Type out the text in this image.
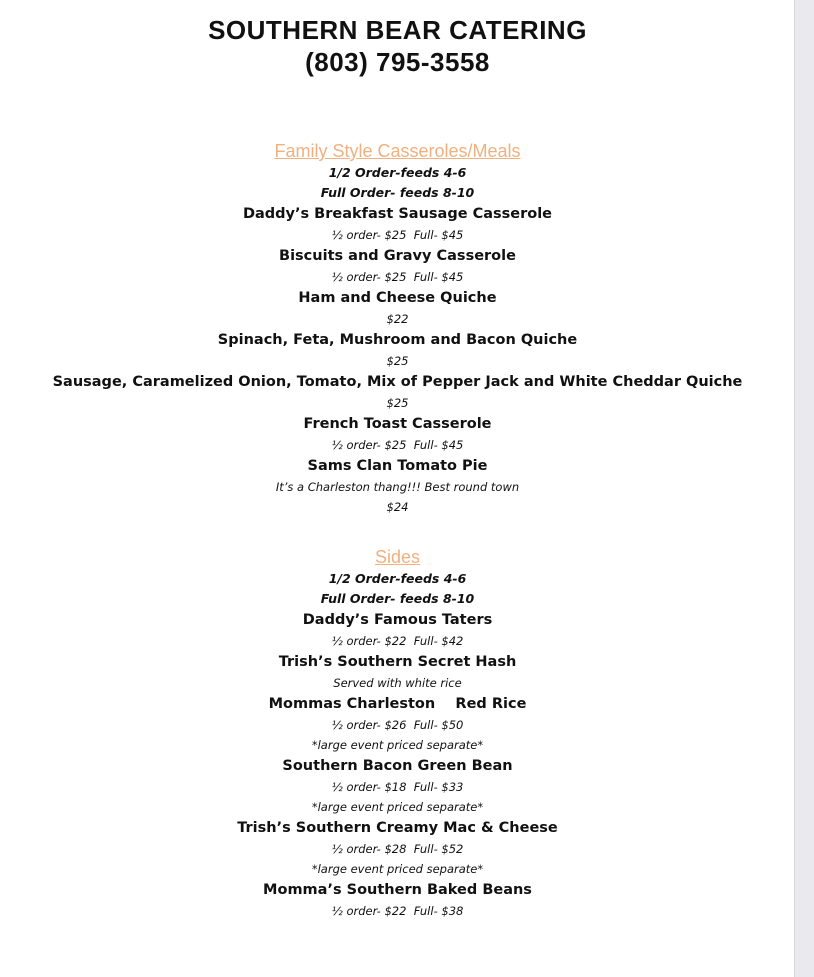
SOUTHERN BEAR CATERING
(803) 795-3558
Family Style Casseroles/Meals
1/2 Order-feeds 4-6
Full Order- feeds 8-10
Daddy’s Breakfast Sausage Casserole
½ order- $25  Full- $45
Biscuits and Gravy Casserole
½ order- $25  Full- $45
Ham and Cheese Quiche
$22
Spinach, Feta, Mushroom and Bacon Quiche
$25
Sausage, Caramelized Onion, Tomato, Mix of Pepper Jack and White Cheddar Quiche
$25
French Toast Casserole
½ order- $25  Full- $45
Sams Clan Tomato Pie
It’s a Charleston thang!!! Best round town
$24
Sides
1/2 Order-feeds 4-6
Full Order- feeds 8-10
Daddy’s Famous Taters
½ order- $22  Full- $42
Trish’s Southern Secret Hash
Served with white rice
Mommas Charleston    Red Rice
½ order- $26  Full- $50
*large event priced separate*
Southern Bacon Green Bean
½ order- $18  Full- $33
*large event priced separate*
Trish’s Southern Creamy Mac & Cheese
½ order- $28  Full- $52
*large event priced separate*
Momma’s Southern Baked Beans
½ order- $22  Full- $38
